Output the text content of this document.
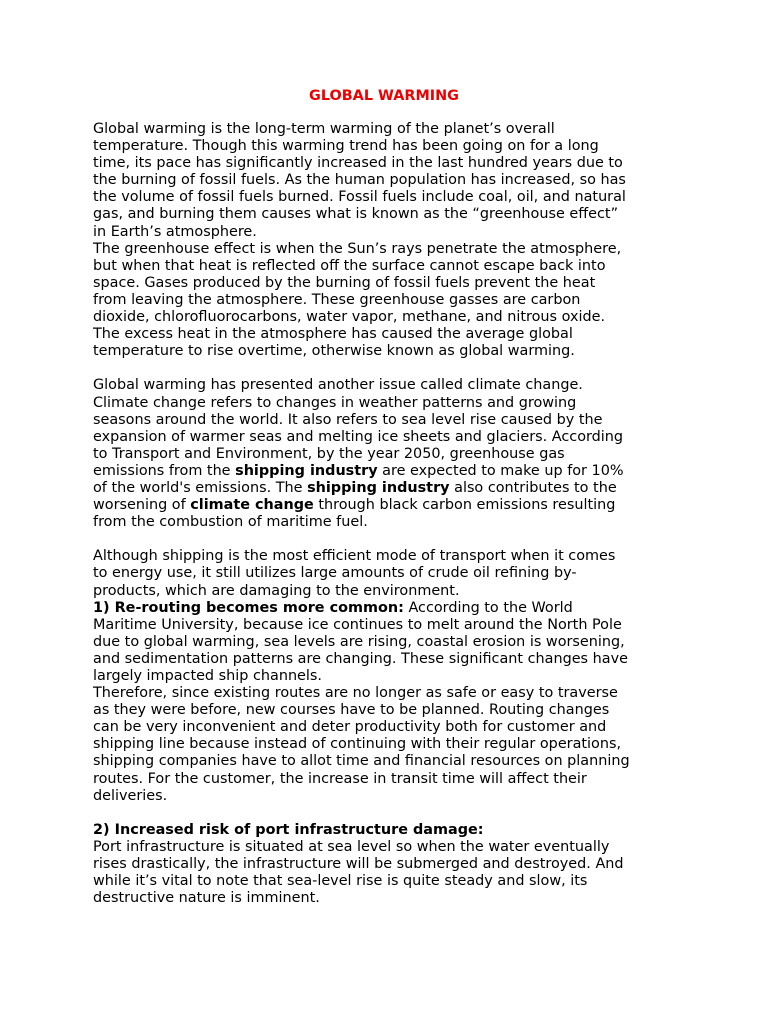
GLOBAL WARMING

Global warming is the long-term warming of the planet’s overall

temperature. Though this warming trend has been going on for a long

time, its pace has significantly increased in the last hundred years due to

the burning of fossil fuels. As the human population has increased, so has

the volume of fossil fuels burned. Fossil fuels include coal, oil, and natural

gas, and burning them causes what is known as the “greenhouse effect”

in Earth’s atmosphere.

The greenhouse effect is when the Sun’s rays penetrate the atmosphere,

but when that heat is reflected off the surface cannot escape back into

space. Gases produced by the burning of fossil fuels prevent the heat

from leaving the atmosphere. These greenhouse gasses are carbon

dioxide, chlorofluorocarbons, water vapor, methane, and nitrous oxide.

The excess heat in the atmosphere has caused the average global

temperature to rise overtime, otherwise known as global warming.

Global warming has presented another issue called climate change.

Climate change refers to changes in weather patterns and growing

seasons around the world. It also refers to sea level rise caused by the

expansion of warmer seas and melting ice sheets and glaciers. According

to Transport and Environment, by the year 2050, greenhouse gas

emissions from the shipping industry are expected to make up for 10%

of the world's emissions. The shipping industry also contributes to the

worsening of climate change through black carbon emissions resulting

from the combustion of maritime fuel.

Although shipping is the most efficient mode of transport when it comes

to energy use, it still utilizes large amounts of crude oil refining by-

products, which are damaging to the environment.

1) Re-routing becomes more common: According to the World

Maritime University, because ice continues to melt around the North Pole

due to global warming, sea levels are rising, coastal erosion is worsening,

and sedimentation patterns are changing. These significant changes have

largely impacted ship channels.

Therefore, since existing routes are no longer as safe or easy to traverse

as they were before, new courses have to be planned. Routing changes

can be very inconvenient and deter productivity both for customer and

shipping line because instead of continuing with their regular operations,

shipping companies have to allot time and financial resources on planning

routes. For the customer, the increase in transit time will affect their

deliveries.

2) Increased risk of port infrastructure damage:

Port infrastructure is situated at sea level so when the water eventually

rises drastically, the infrastructure will be submerged and destroyed. And

while it’s vital to note that sea-level rise is quite steady and slow, its

destructive nature is imminent.
